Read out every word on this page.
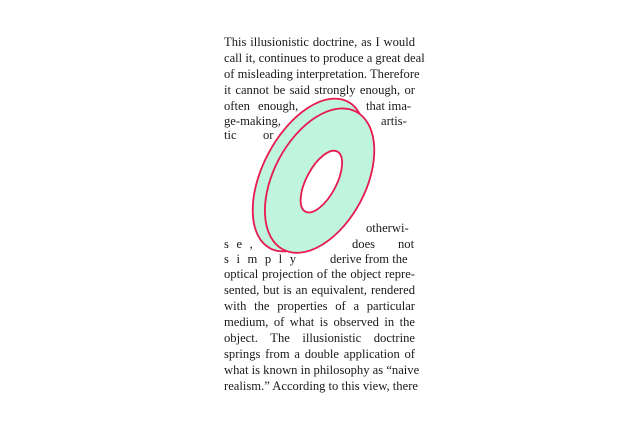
This illusionistic doctrine, as I would
call it, continues to produce a great deal
of misleading interpretation. Therefore
it cannot be said strongly enough, or
often enough,	that ima-
ge-making,	artis-
tic or
otherwi-
s e ,	does not
s i m p l y	derive from the
optical projection of the object repre-
sented, but is an equivalent, rendered
with the properties of a particular
medium, of what is observed in the
object. The illusionistic doctrine
springs from a double application of
what is known in philosophy as “naive
realism.” According to this view, there
